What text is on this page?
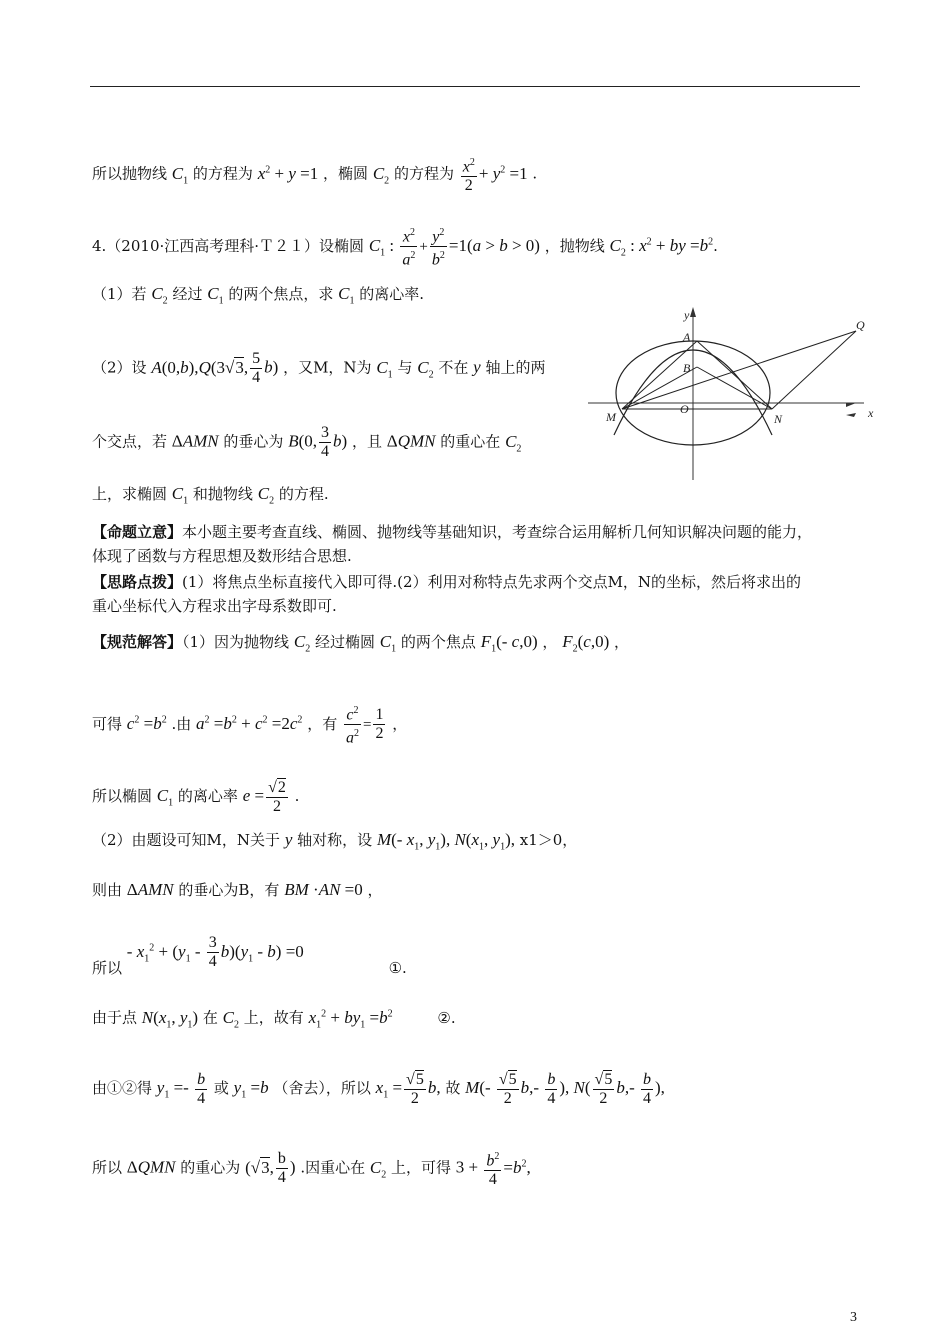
所以抛物线 $C_1$ 的方程为 $x^2 + y =1$ ，椭圆 $C_2$ 的方程为 $\frac{x^2}{2} + y^2 =1$ .
4.（2010·江西高考理科·Ｔ２１）设椭圆 $C_1$ : $\frac{x^2}{a^2} + \frac{y^2}{b^2} =1(a > b > 0)$ ，抛物线 $C_2$ : $x^2$ + by $=b^2$.
（1）若 $C_2$ 经过 $C_1$ 的两个焦点，求 $C_1$ 的离心率.
（2）设 A(0,b),Q(3√3, $\frac{5}{4} b$) ，又M，N为 $C_1$ 与 $C_2$ 不在 y 轴上的两
个交点，若 ΔAMN 的垂心为 B(0, $\frac{3}{4} b$) ，且 ΔQMN 的重心在 $C_2$
上，求椭圆 $C_1$ 和抛物线 $C_2$ 的方程.
y
x
A
B
O
M	N
Q
【命题立意】本小题主要考查直线、椭圆、抛物线等基础知识，考查综合运用解析几何知识解决问题的能力，
体现了函数与方程思想及数形结合思想.
【思路点拨】(1）将焦点坐标直接代入即可得.(2）利用对称特点先求两个交点M，N的坐标，然后将求出的
重心坐标代入方程求出字母系数即可.
【规范解答】（1）因为抛物线 $C_2$ 经过椭圆 $C_1$ 的两个焦点 $F_1(-$ c,0) ， $F_2(c,0)$ ，
可得 $c^2 =b^2$ .由 $a^2 =b^2 + c^2 =2c^2$ ，有 $\frac{c^2}{a^2} = \frac{1}{2}$ ，
所以椭圆 $C_1$ 的离心率 $e = \frac{√2}{2}$ .
（2）由题设可知M，N关于 y 轴对称，设 M(- $x_1$, $y_1$), $N(x_1$, $y_1$), x1＞0，
则由 ΔAMN 的垂心为B，有 BM ·AN =0 ，
所以 - $x_1^2 + (y_1 - \frac{3}{4} b)(y_1 - b) =0$ ①.
由于点 $N(x_1$, $y_1$) 在 $C_2$ 上，故有 $x_1^2 + by_1 =b^2$	②.
由①②得 $y_1 =- \frac{b}{4}$ 或 $y_1 =b$ （舍去），所以 $x_1 = \frac{√5}{2} b$, 故 $M(- \frac{√5}{2} b,- \frac{b}{4}$ ), $N( \frac{√5}{2} b,- \frac{b}{4}$ ),
所以 ΔQMN 的重心为 (√3, $\frac{b}{4}$ ) .因重心在 $C_2$ 上，可得 $3 + \frac{b^2}{4} =b^2$,
3
